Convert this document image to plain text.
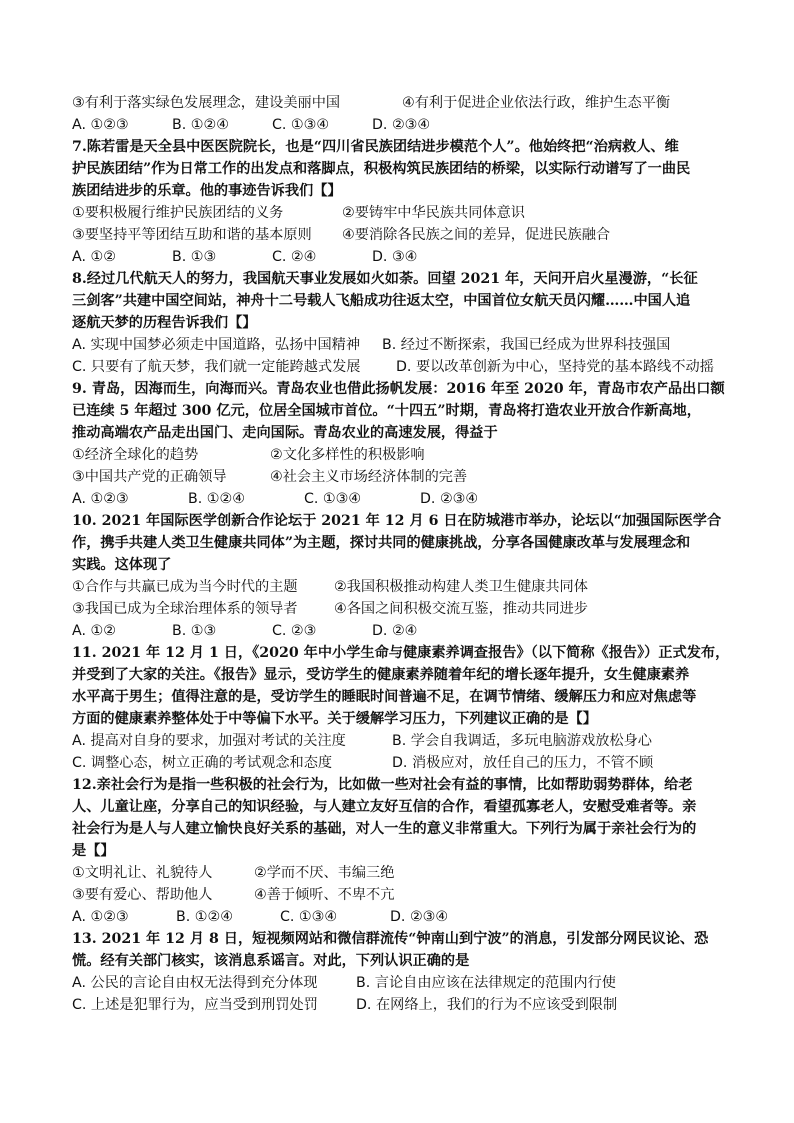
③有利于落实绿色发展理念，建设美丽中国	④有利于促进企业依法行政，维护生态平衡
A. ①②③	B. ①②④	C. ①③④	D. ②③④
7.陈若雷是天全县中医医院院长，也是“四川省民族团结进步模范个人”。他始终把“治病救人、维
护民族团结”作为日常工作的出发点和落脚点，积极构筑民族团结的桥梁，以实际行动谱写了一曲民
族团结进步的乐章。他的事迹告诉我们【】
①要积极履行维护民族团结的义务	②要铸牢中华民族共同体意识
③要坚持平等团结互助和谐的基本原则	④要消除各民族之间的差异，促进民族融合
A. ①②	B. ①③	C. ②④	D. ③④
8.经过几代航天人的努力，我国航天事业发展如火如荼。回望 2021 年，天问开启火星漫游，“长征
三剑客”共建中国空间站，神舟十二号载人飞船成功往返太空，中国首位女航天员闪耀……中国人追
逐航天梦的历程告诉我们【】
A. 实现中国梦必须走中国道路，弘扬中国精神	B. 经过不断探索，我国已经成为世界科技强国
C. 只要有了航天梦，我们就一定能跨越式发展	D. 要以改革创新为中心，坚持党的基本路线不动摇
9. 青岛，因海而生，向海而兴。青岛农业也借此扬帆发展：2016 年至 2020 年，青岛市农产品出口额
已连续 5 年超过 300 亿元，位居全国城市首位。“十四五”时期，青岛将打造农业开放合作新高地，
推动高端农产品走出国门、走向国际。青岛农业的高速发展，得益于
①经济全球化的趋势	②文化多样性的积极影响
③中国共产党的正确领导	④社会主义市场经济体制的完善
A. ①②③	B. ①②④	C. ①③④	D. ②③④
10. 2021 年国际医学创新合作论坛于 2021 年 12 月 6 日在防城港市举办，论坛以“加强国际医学合
作，携手共建人类卫生健康共同体”为主题，探讨共同的健康挑战，分享各国健康改革与发展理念和
实践。这体现了
①合作与共赢已成为当今时代的主题	②我国积极推动构建人类卫生健康共同体
③我国已成为全球治理体系的领导者	④各国之间积极交流互鉴，推动共同进步
A. ①②	B. ①③	C. ②③	D. ②④
11. 2021 年 12 月 1 日，《2020 年中小学生命与健康素养调查报告》（以下简称《报告》）正式发布，
并受到了大家的关注。《报告》显示，受访学生的健康素养随着年纪的增长逐年提升，女生健康素养
水平高于男生；值得注意的是，受访学生的睡眠时间普遍不足，在调节情绪、缓解压力和应对焦虑等
方面的健康素养整体处于中等偏下水平。关于缓解学习压力，下列建议正确的是【】
A. 提高对自身的要求，加强对考试的关注度	B. 学会自我调适，多玩电脑游戏放松身心
C. 调整心态，树立正确的考试观念和态度	D. 消极应对，放任自己的压力，不管不顾
12.亲社会行为是指一些积极的社会行为，比如做一些对社会有益的事情，比如帮助弱势群体，给老
人、儿童让座，分享自己的知识经验，与人建立友好互信的合作，看望孤寡老人，安慰受难者等。亲
社会行为是人与人建立愉快良好关系的基础，对人一生的意义非常重大。下列行为属于亲社会行为的
是【】
①文明礼让、礼貌待人	②学而不厌、韦编三绝
③要有爱心、帮助他人	④善于倾听、不卑不亢
A. ①②③	B. ①②④	C. ①③④	D. ②③④
13. 2021 年 12 月 8 日，短视频网站和微信群流传“钟南山到宁波”的消息，引发部分网民议论、恐
慌。经有关部门核实，该消息系谣言。对此，下列认识正确的是
A. 公民的言论自由权无法得到充分体现	B. 言论自由应该在法律规定的范围内行使
C. 上述是犯罪行为，应当受到刑罚处罚	D. 在网络上，我们的行为不应该受到限制
